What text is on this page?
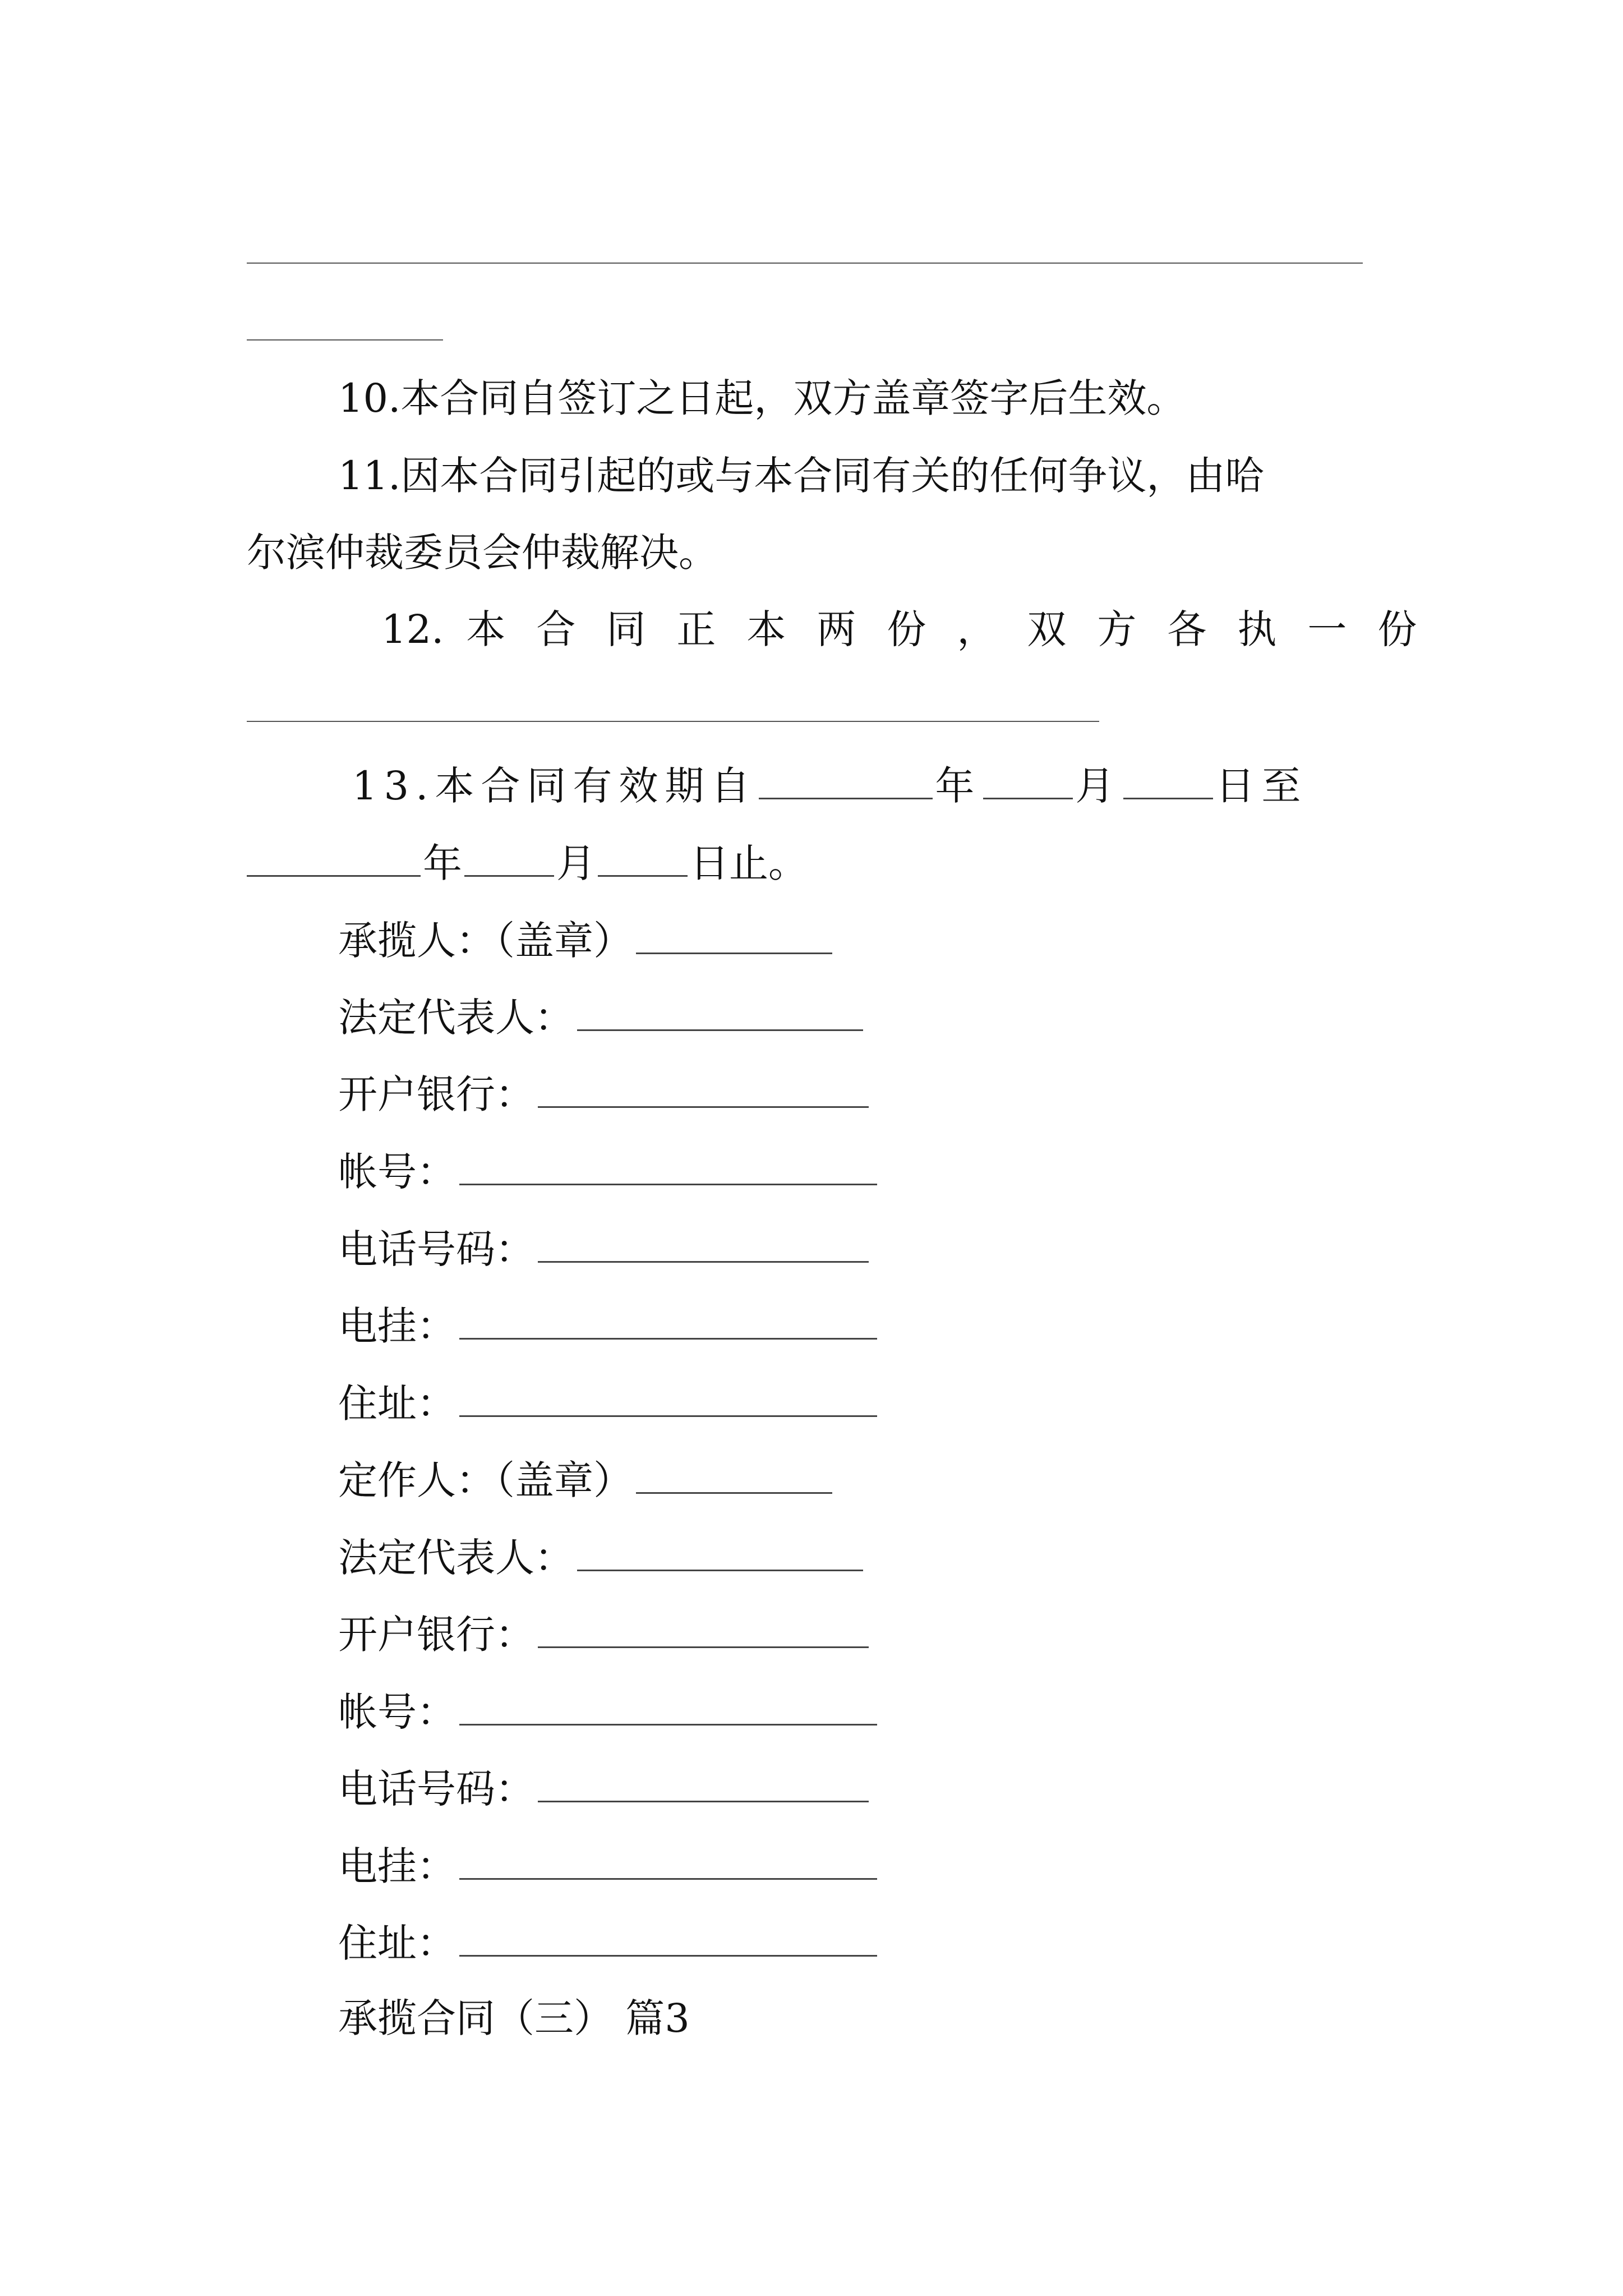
10.本合同自签订之日起，双方盖章签字后生效。
11.因本合同引起的或与本合同有关的任何争议，由哈
尔滨仲裁委员会仲裁解决。
12. 本合同正本两份，双方各执一份
13.本合同有效期自	年 月 日至
年 月 日止。
承揽人：（盖章）
法定代表人：
开户银行：
帐号：
电话号码：
电挂：
住址：
定作人：（盖章）
法定代表人：
开户银行：
帐号：
电话号码：
电挂：
住址：
承揽合同（三） 篇3
